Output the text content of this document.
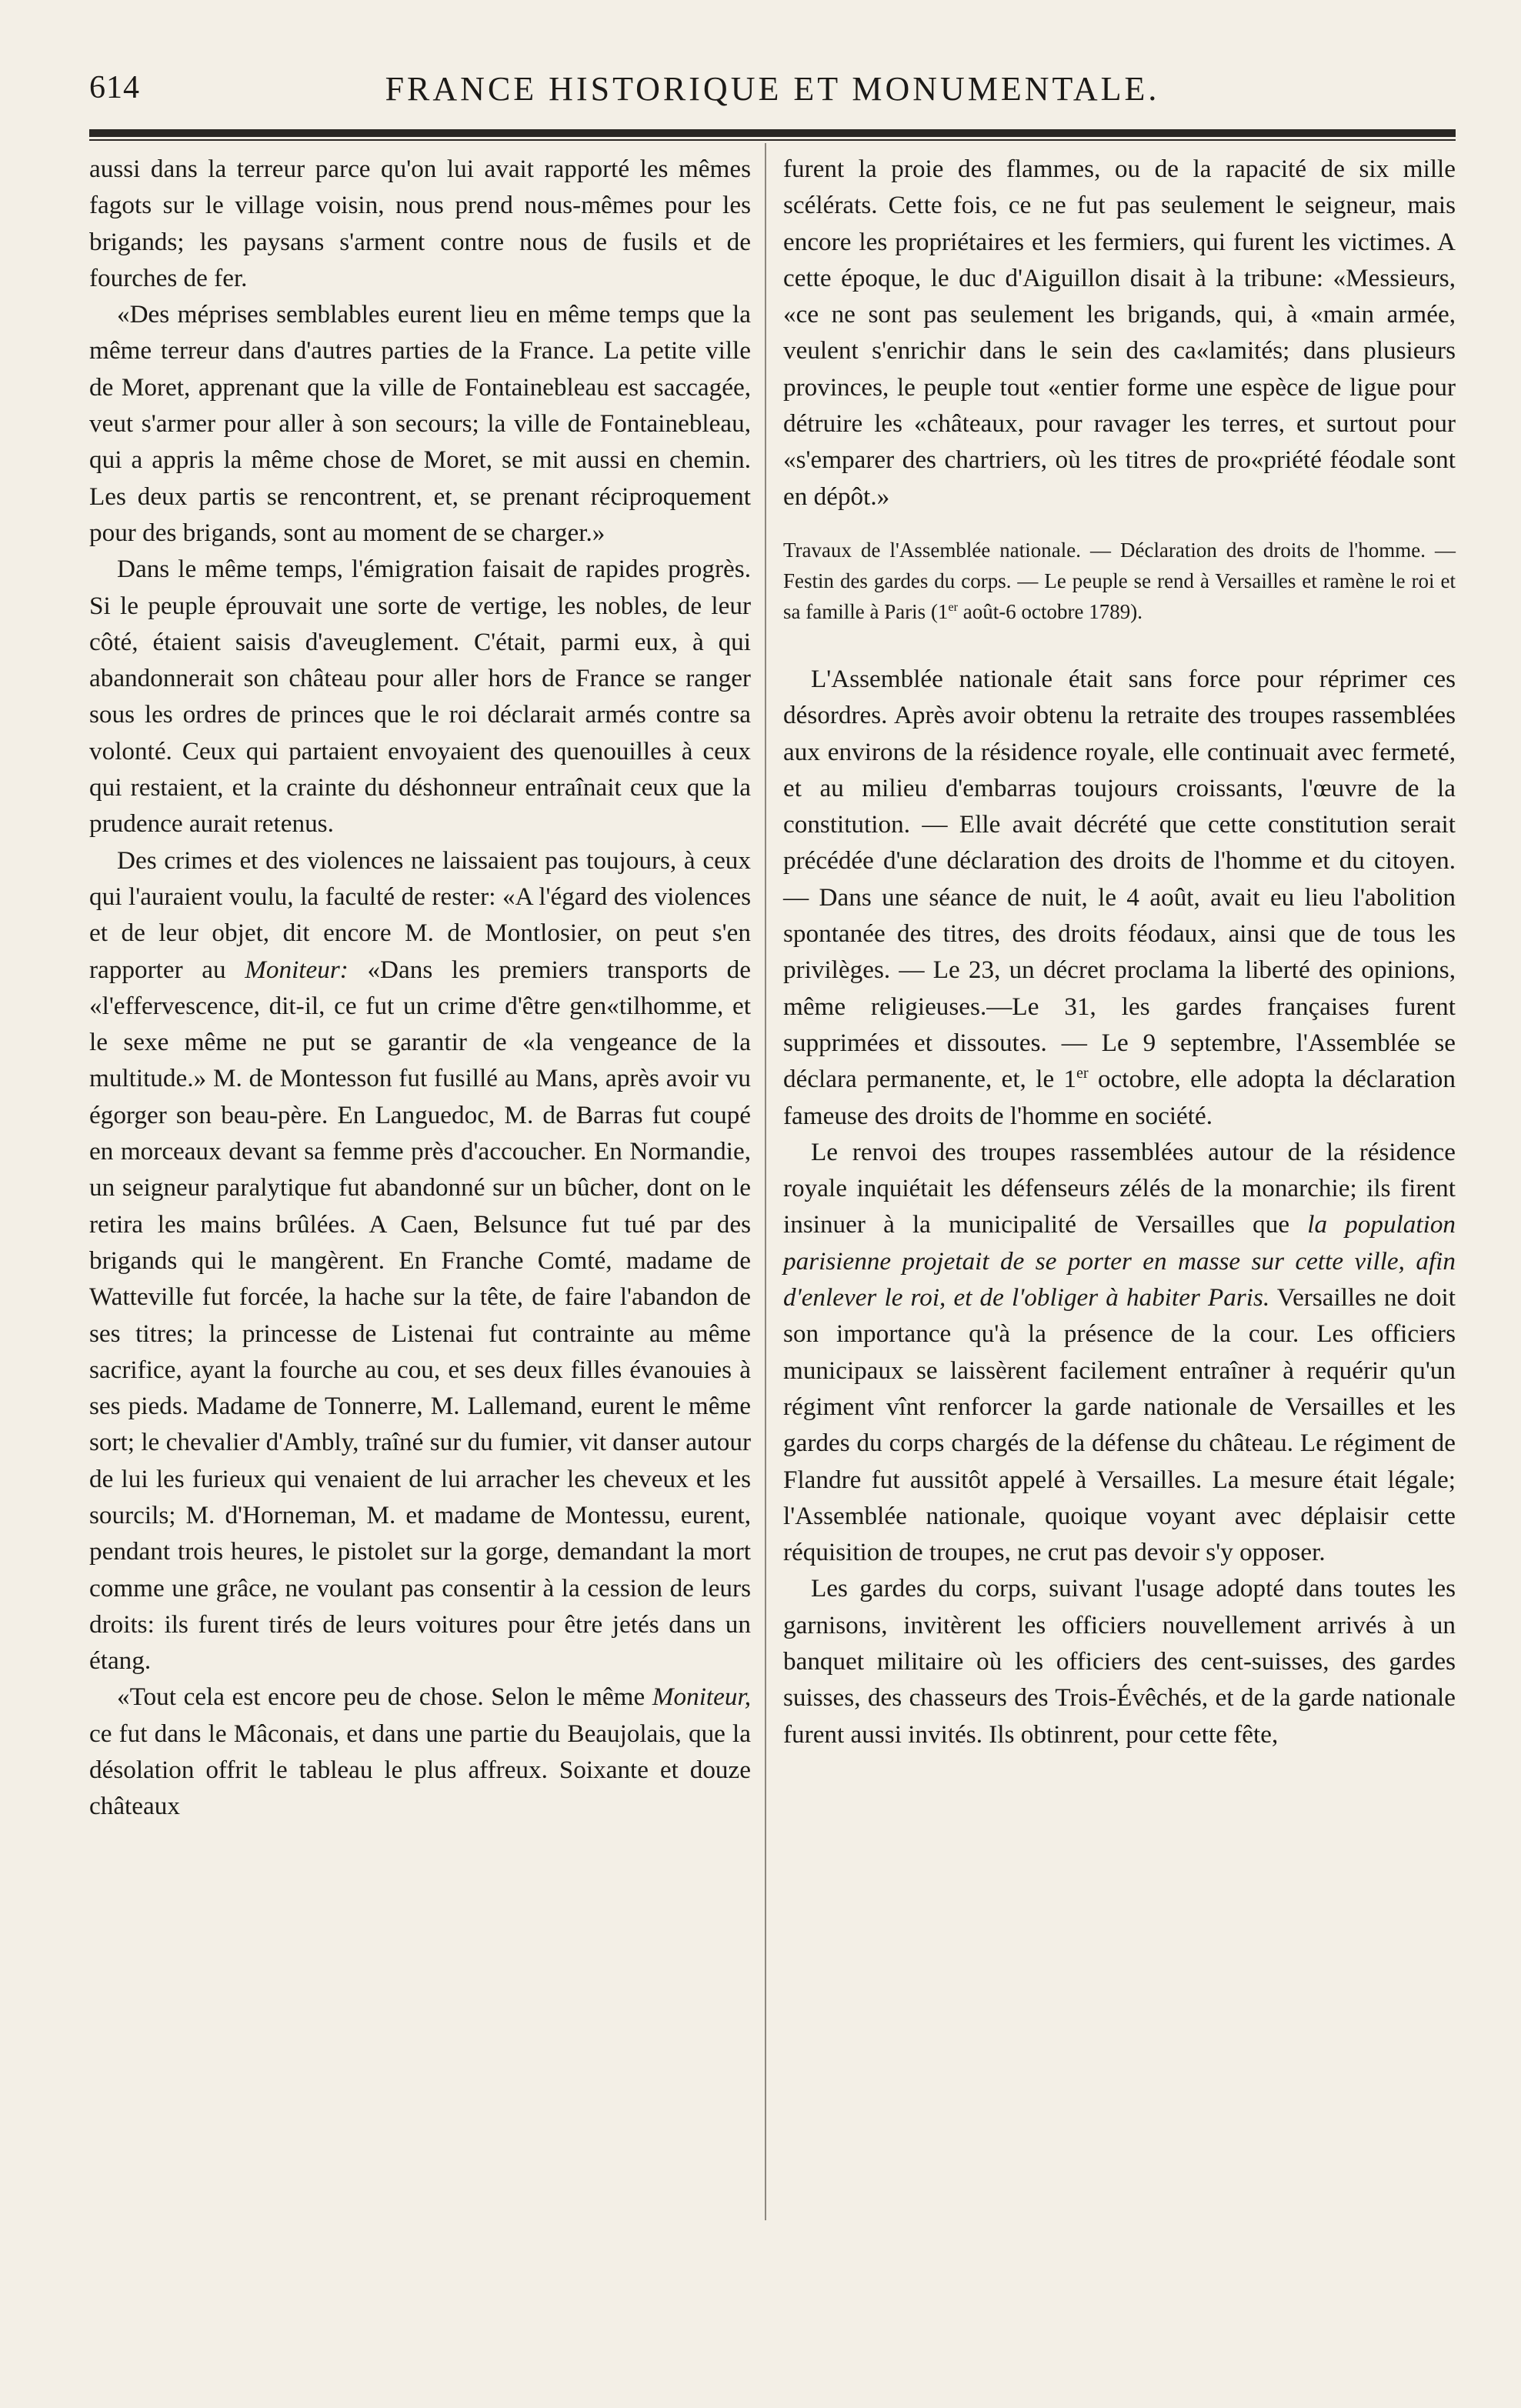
614	FRANCE HISTORIQUE ET MONUMENTALE.

aussi dans la terreur parce qu'on lui avait rapporté les mêmes fagots sur le village voisin, nous prend nous-mêmes pour les brigands; les paysans s'arment contre nous de fusils et de fourches de fer.

«Des méprises semblables eurent lieu en même temps que la même terreur dans d'autres parties de la France. La petite ville de Moret, apprenant que la ville de Fontainebleau est saccagée, veut s'armer pour aller à son secours; la ville de Fontainebleau, qui a appris la même chose de Moret, se mit aussi en chemin. Les deux partis se rencontrent, et, se prenant réciproquement pour des brigands, sont au moment de se charger.»

Dans le même temps, l'émigration faisait de rapides progrès. Si le peuple éprouvait une sorte de vertige, les nobles, de leur côté, étaient saisis d'aveuglement. C'était, parmi eux, à qui abandonnerait son château pour aller hors de France se ranger sous les ordres de princes que le roi déclarait armés contre sa volonté. Ceux qui partaient envoyaient des quenouilles à ceux qui restaient, et la crainte du déshonneur entraînait ceux que la prudence aurait retenus.

Des crimes et des violences ne laissaient pas toujours, à ceux qui l'auraient voulu, la faculté de rester: «A l'égard des violences et de leur objet, dit encore M. de Montlosier, on peut s'en rapporter au Moniteur: «Dans les premiers transports de «l'effervescence, dit-il, ce fut un crime d'être gen«tilhomme, et le sexe même ne put se garantir de «la vengeance de la multitude.» M. de Montesson fut fusillé au Mans, après avoir vu égorger son beau-père. En Languedoc, M. de Barras fut coupé en morceaux devant sa femme près d'accoucher. En Normandie, un seigneur paralytique fut abandonné sur un bûcher, dont on le retira les mains brûlées. A Caen, Belsunce fut tué par des brigands qui le mangèrent. En Franche Comté, madame de Watteville fut forcée, la hache sur la tête, de faire l'abandon de ses titres; la princesse de Listenai fut contrainte au même sacrifice, ayant la fourche au cou, et ses deux filles évanouies à ses pieds. Madame de Tonnerre, M. Lallemand, eurent le même sort; le chevalier d'Ambly, traîné sur du fumier, vit danser autour de lui les furieux qui venaient de lui arracher les cheveux et les sourcils; M. d'Horneman, M. et madame de Montessu, eurent, pendant trois heures, le pistolet sur la gorge, demandant la mort comme une grâce, ne voulant pas consentir à la cession de leurs droits: ils furent tirés de leurs voitures pour être jetés dans un étang.

«Tout cela est encore peu de chose. Selon le même Moniteur, ce fut dans le Mâconais, et dans une partie du Beaujolais, que la désolation offrit le tableau le plus affreux. Soixante et douze châteaux

furent la proie des flammes, ou de la rapacité de six mille scélérats. Cette fois, ce ne fut pas seulement le seigneur, mais encore les propriétaires et les fermiers, qui furent les victimes. A cette époque, le duc d'Aiguillon disait à la tribune: «Messieurs, «ce ne sont pas seulement les brigands, qui, à «main armée, veulent s'enrichir dans le sein des ca«lamités; dans plusieurs provinces, le peuple tout «entier forme une espèce de ligue pour détruire les «châteaux, pour ravager les terres, et surtout pour «s'emparer des chartriers, où les titres de pro«priété féodale sont en dépôt.»

Travaux de l'Assemblée nationale. — Déclaration des droits de l'homme. — Festin des gardes du corps. — Le peuple se rend à Versailles et ramène le roi et sa famille à Paris (1er août-6 octobre 1789).

L'Assemblée nationale était sans force pour réprimer ces désordres. Après avoir obtenu la retraite des troupes rassemblées aux environs de la résidence royale, elle continuait avec fermeté, et au milieu d'embarras toujours croissants, l'œuvre de la constitution. — Elle avait décrété que cette constitution serait précédée d'une déclaration des droits de l'homme et du citoyen. — Dans une séance de nuit, le 4 août, avait eu lieu l'abolition spontanée des titres, des droits féodaux, ainsi que de tous les privilèges. — Le 23, un décret proclama la liberté des opinions, même religieuses.—Le 31, les gardes françaises furent supprimées et dissoutes. — Le 9 septembre, l'Assemblée se déclara permanente, et, le 1er octobre, elle adopta la déclaration fameuse des droits de l'homme en société.

Le renvoi des troupes rassemblées autour de la résidence royale inquiétait les défenseurs zélés de la monarchie; ils firent insinuer à la municipalité de Versailles que la population parisienne projetait de se porter en masse sur cette ville, afin d'enlever le roi, et de l'obliger à habiter Paris. Versailles ne doit son importance qu'à la présence de la cour. Les officiers municipaux se laissèrent facilement entraîner à requérir qu'un régiment vînt renforcer la garde nationale de Versailles et les gardes du corps chargés de la défense du château. Le régiment de Flandre fut aussitôt appelé à Versailles. La mesure était légale; l'Assemblée nationale, quoique voyant avec déplaisir cette réquisition de troupes, ne crut pas devoir s'y opposer.

Les gardes du corps, suivant l'usage adopté dans toutes les garnisons, invitèrent les officiers nouvellement arrivés à un banquet militaire où les officiers des cent-suisses, des gardes suisses, des chasseurs des Trois-Évêchés, et de la garde nationale furent aussi invités. Ils obtinrent, pour cette fête,
